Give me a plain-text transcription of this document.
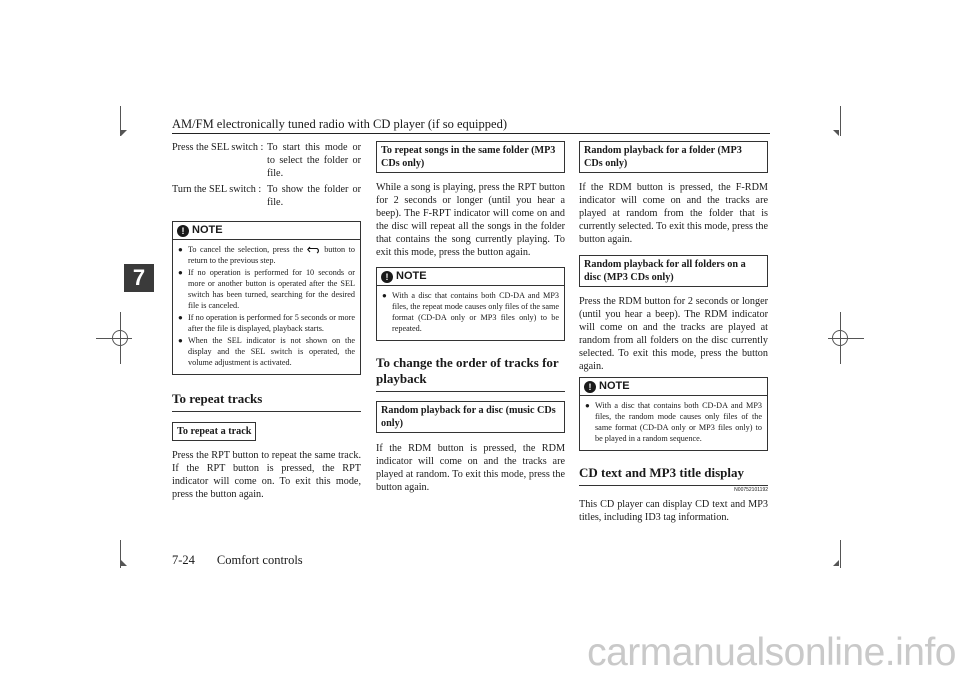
AM/FM electronically tuned radio with CD player (if so equipped)
7
Press the SEL switch : To start this mode or to select the folder or file.
Turn the SEL switch : To show the folder or file.
! NOTE
● To cancel the selection, press the	button to return to the previous step.
● If no operation is performed for 10 seconds or more or another button is operated after the SEL switch has been turned, searching for the desired file is canceled.
● If no operation is performed for 5 seconds or more after the file is displayed, playback starts.
● When the SEL indicator is not shown on the display and the SEL switch is operated, the volume adjustment is activated.
To repeat tracks
To repeat a track

Press the RPT button to repeat the same track. If the RPT button is pressed, the RPT indicator will come on. To exit this mode, press the button again.

To repeat songs in the same folder (MP3 CDs only)

While a song is playing, press the RPT button for 2 seconds or longer (until you hear a beep). The F-RPT indicator will come on and the disc will repeat all the songs in the folder that contains the song currently playing. To exit this mode, press the button again.

! NOTE
● With a disc that contains both CD-DA and MP3 files, the repeat mode causes only files of the same format (CD-DA only or MP3 files only) to be repeated.
To change the order of tracks for playback
Random playback for a disc (music CDs only)

If the RDM button is pressed, the RDM indicator will come on and the tracks are played at random. To exit this mode, press the button again.

Random playback for a folder (MP3 CDs only)

If the RDM button is pressed, the F-RDM indicator will come on and the tracks are played at random from the folder that is currently selected. To exit this mode, press the button again.

Random playback for all folders on a disc (MP3 CDs only)

Press the RDM button for 2 seconds or longer (until you hear a beep). The RDM indicator will come on and the tracks are played at random from all folders on the disc currently selected. To exit this mode, press the button again.

! NOTE
● With a disc that contains both CD-DA and MP3 files, the random mode causes only files of the same format (CD-DA only or MP3 files only) to be played in a random sequence.
CD text and MP3 title display
N00752101192

This CD player can display CD text and MP3 titles, including ID3 tag information.

7-24 Comfort controls
carmanualsonline.info
